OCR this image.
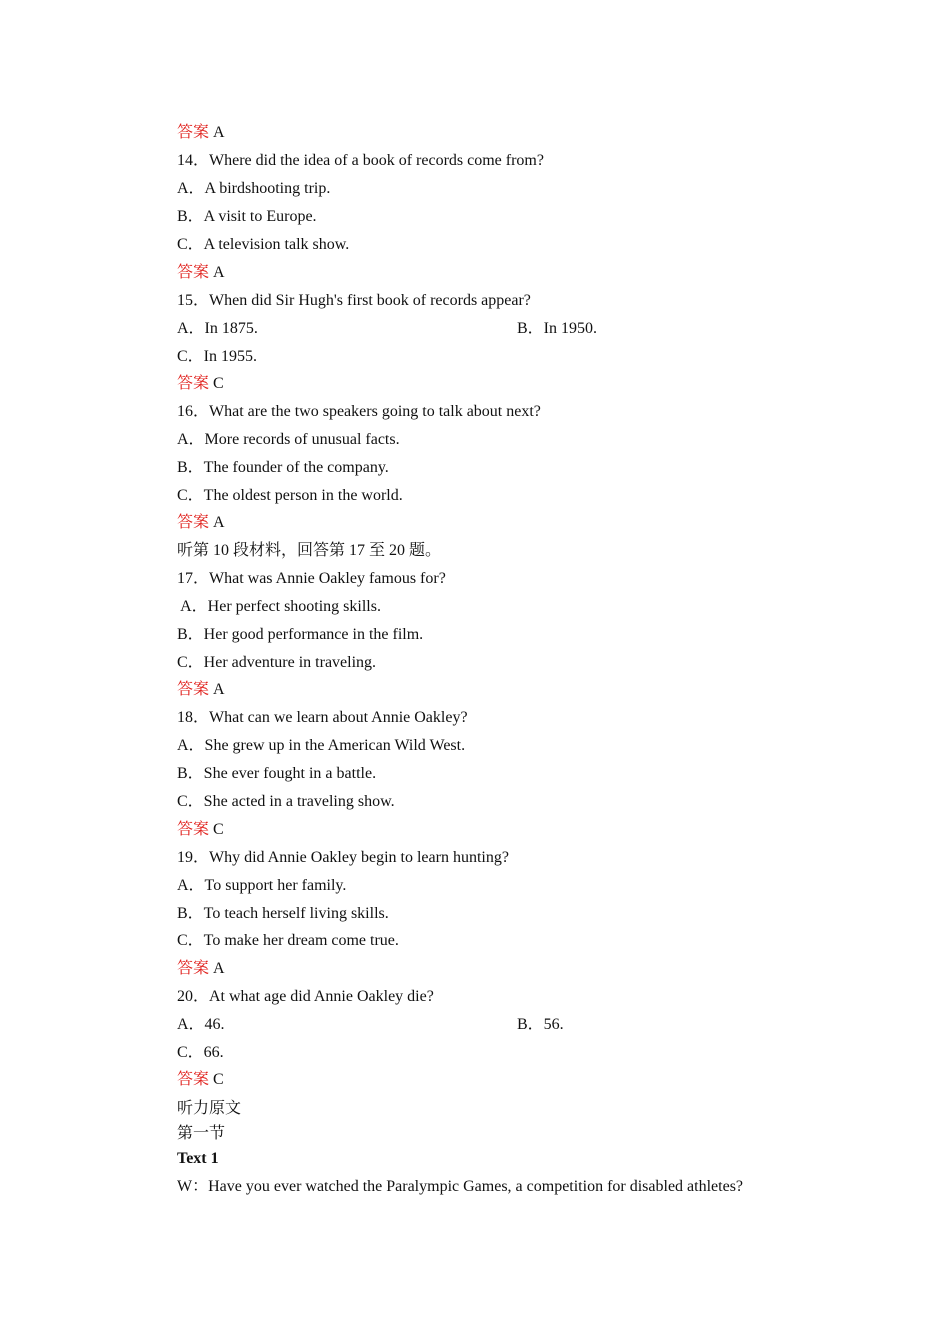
答案 A
14．Where did the idea of a book of records come from?
A．A birdshooting trip.
B．A visit to Europe.
C．A television talk show.
答案 A
15．When did Sir Hugh's first book of records appear?
A．In 1875.	B．In 1950.
C．In 1955.
答案 C
16．What are the two speakers going to talk about next?
A．More records of unusual facts.
B．The founder of the company.
C．The oldest person in the world.
答案 A
听第 10 段材料，回答第 17 至 20 题。
17．What was Annie Oakley famous for?
A．Her perfect shooting skills.
B．Her good performance in the film.
C．Her adventure in traveling.
答案 A
18．What can we learn about Annie Oakley?
A．She grew up in the American Wild West.
B．She ever fought in a battle.
C．She acted in a traveling show.
答案 C
19．Why did Annie Oakley begin to learn hunting?
A．To support her family.
B．To teach herself living skills.
C．To make her dream come true.
答案 A
20．At what age did Annie Oakley die?
A．46.	B．56.
C．66.
答案 C
听力原文
第一节
Text 1
W：Have you ever watched the Paralympic Games, a competition for disabled athletes?
